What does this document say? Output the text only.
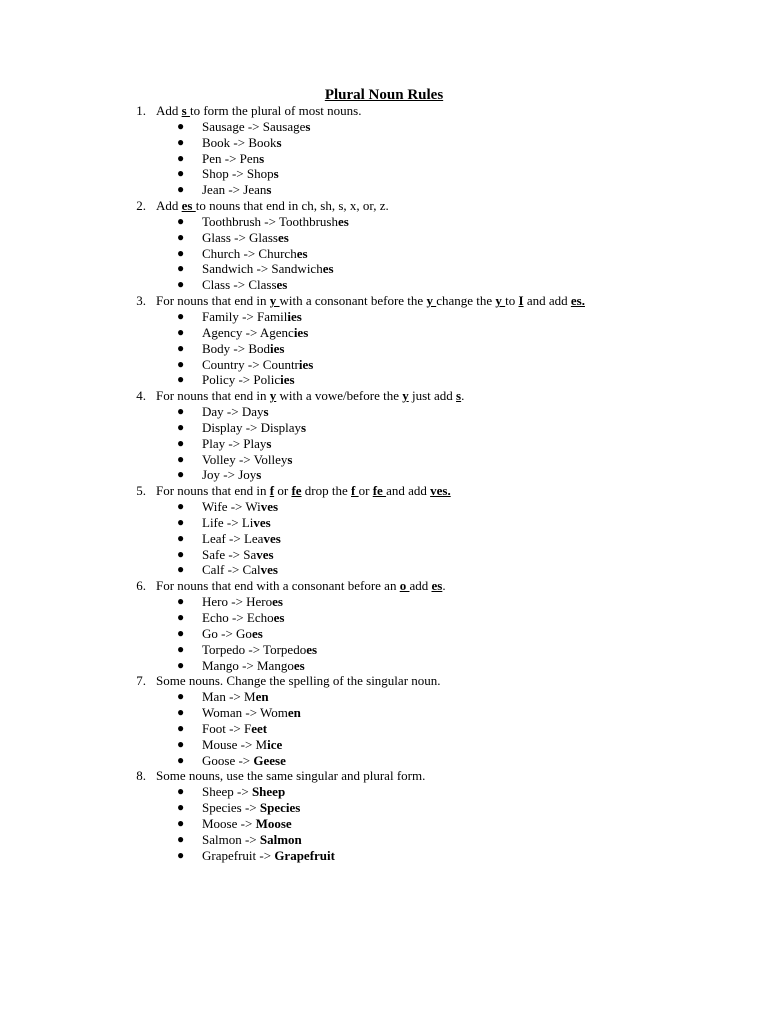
Plural Noun Rules
1. Add s to form the plural of most nouns.
● Sausage -> Sausages
● Book -> Books
● Pen -> Pens
● Shop -> Shops
● Jean -> Jeans
2. Add es to nouns that end in ch, sh, s, x, or, z.
● Toothbrush -> Toothbrushes
● Glass -> Glasses
● Church -> Churches
● Sandwich -> Sandwiches
● Class -> Classes
3. For nouns that end in y with a consonant before the y change the y to I and add es.
● Family -> Families
● Agency -> Agencies
● Body -> Bodies
● Country -> Countries
● Policy -> Policies
4. For nouns that end in y with a vowe/before the y just add s.
● Day -> Days
● Display -> Displays
● Play -> Plays
● Volley -> Volleys
● Joy -> Joys
5. For nouns that end in f or fe drop the f or fe and add ves.
● Wife -> Wives
● Life -> Lives
● Leaf -> Leaves
● Safe -> Saves
● Calf -> Calves
6. For nouns that end with a consonant before an o add es.
● Hero -> Heroes
● Echo -> Echoes
● Go -> Goes
● Torpedo -> Torpedoes
● Mango -> Mangoes
7. Some nouns. Change the spelling of the singular noun.
● Man -> Men
● Woman -> Women
● Foot -> Feet
● Mouse -> Mice
● Goose -> Geese
8. Some nouns, use the same singular and plural form.
● Sheep -> Sheep
● Species -> Species
● Moose -> Moose
● Salmon -> Salmon
● Grapefruit -> Grapefruit
